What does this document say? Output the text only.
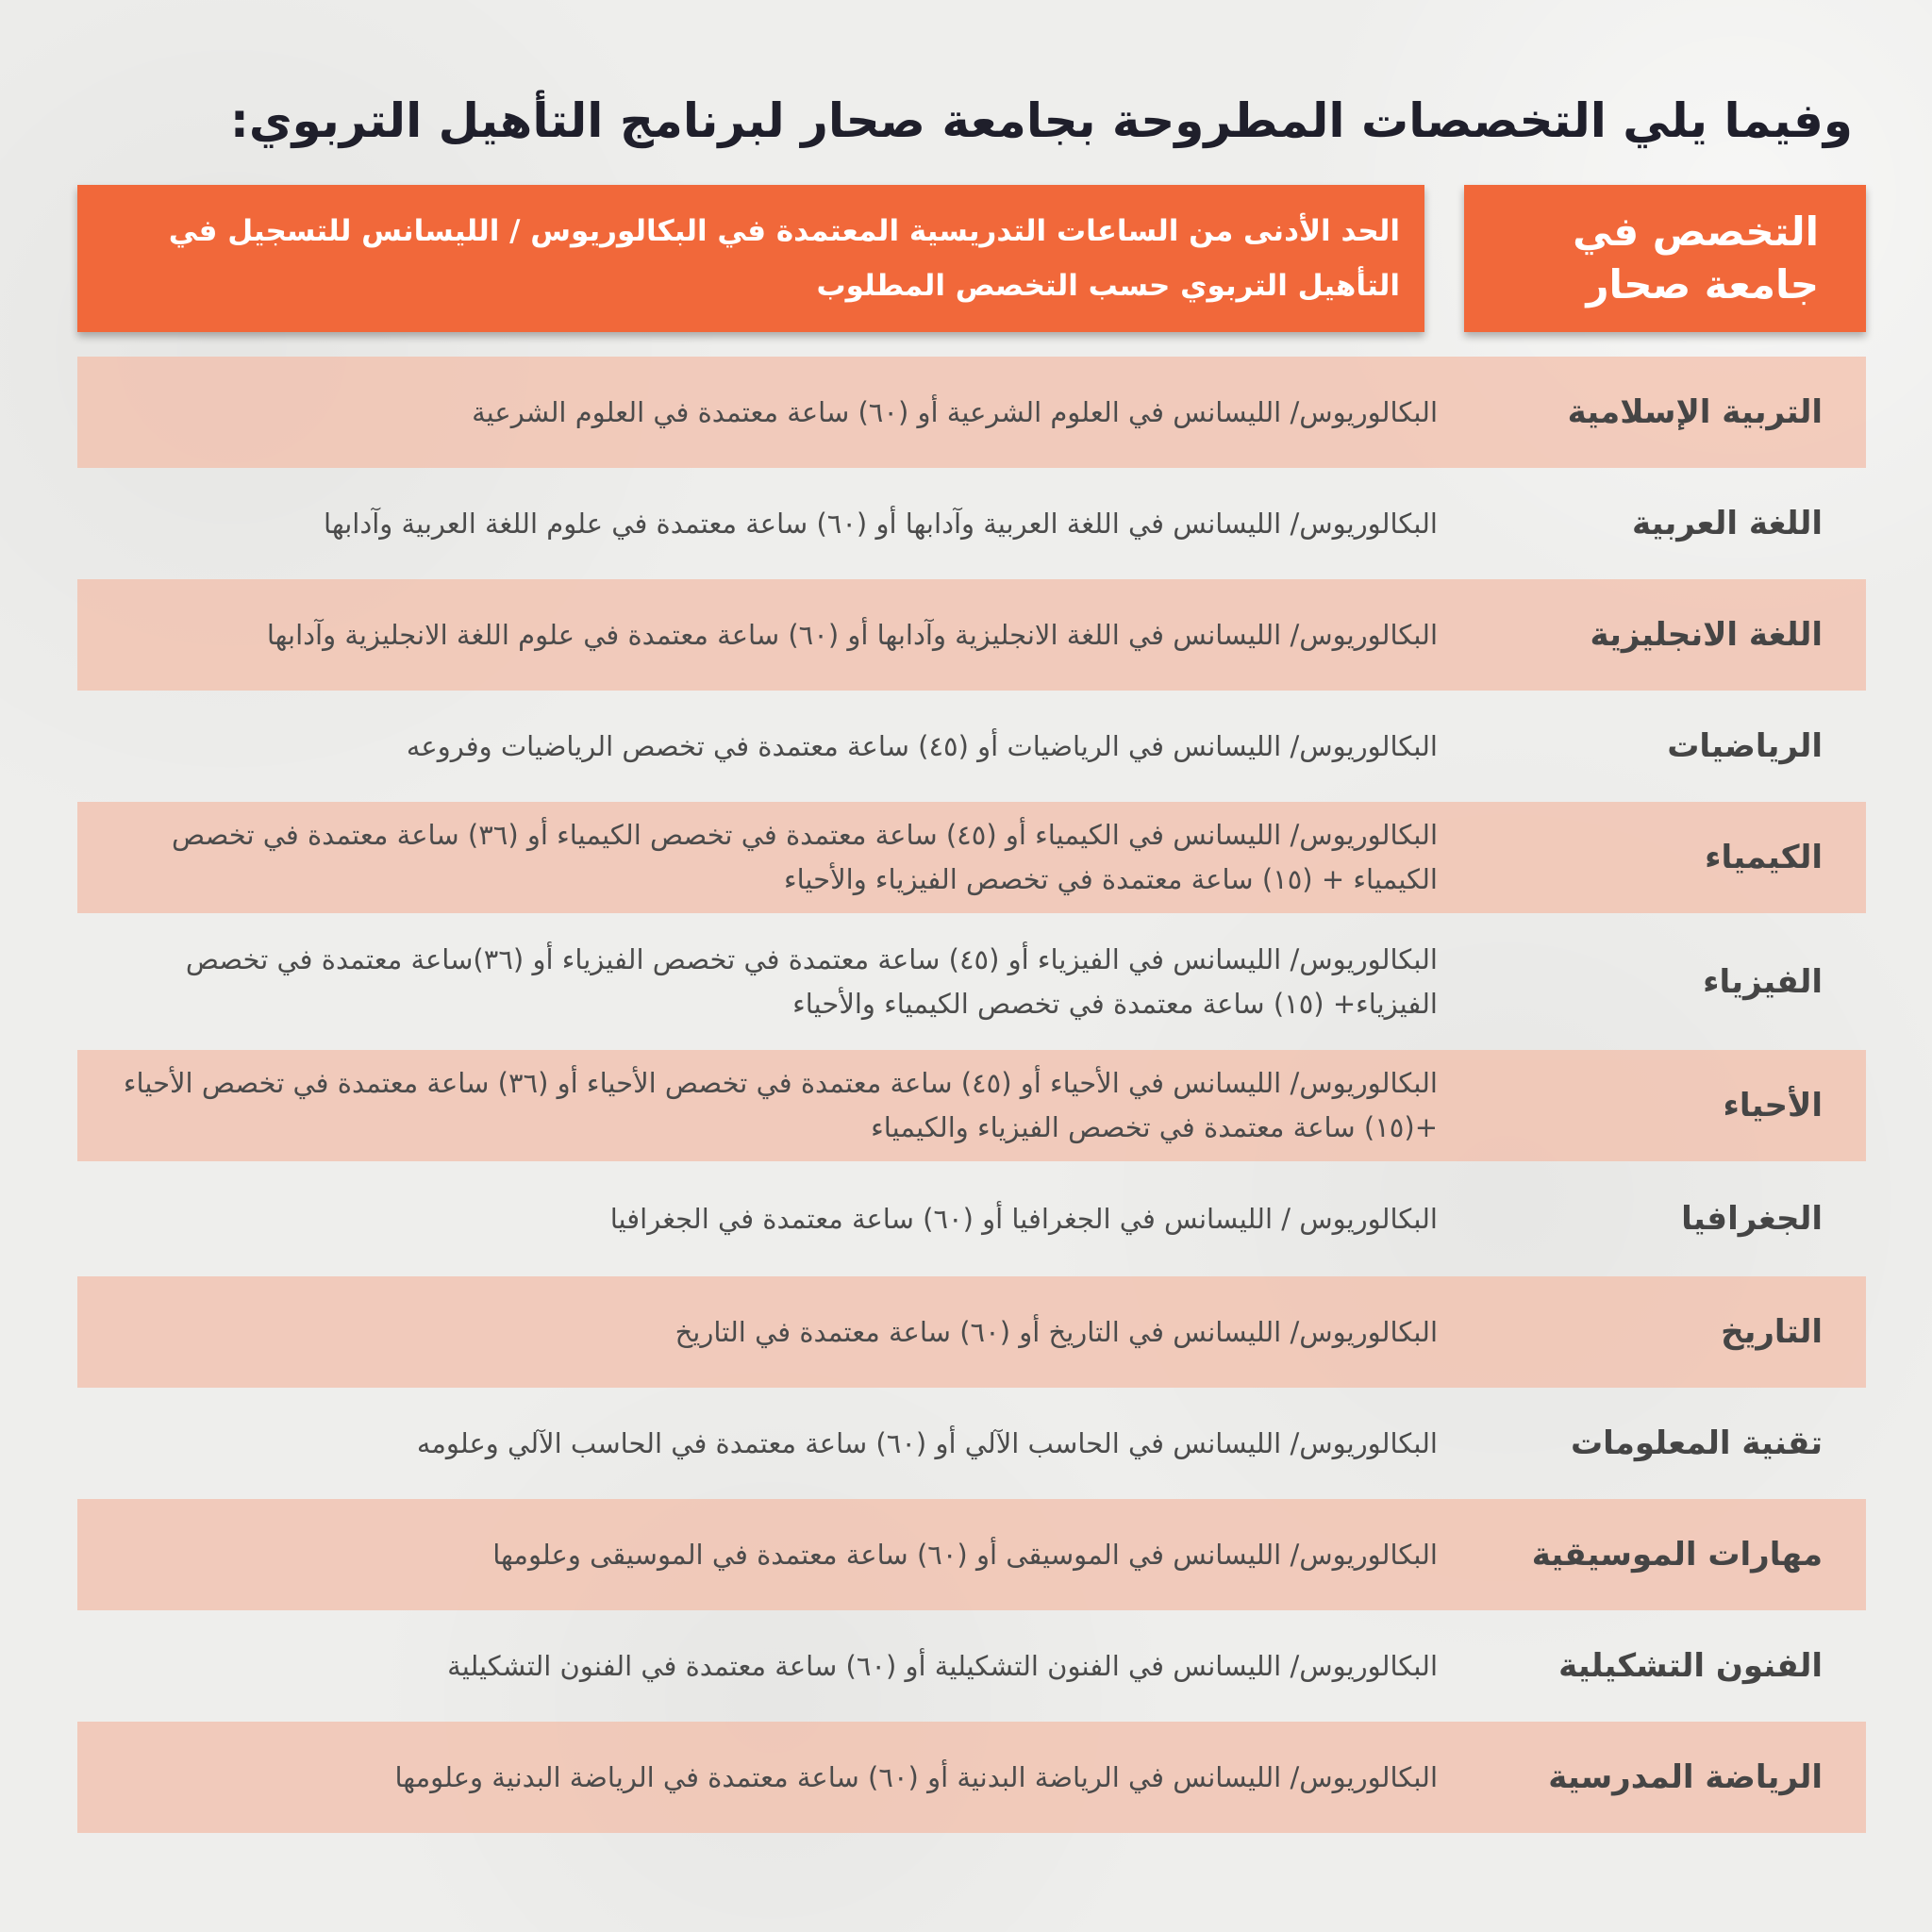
وفيما يلي التخصصات المطروحة بجامعة صحار لبرنامج التأهيل التربوي:
التخصص في جامعة صحار
الحد الأدنى من الساعات التدريسية المعتمدة في البكالوريوس / الليسانس للتسجيل في التأهيل التربوي حسب التخصص المطلوب
التربية الإسلامية
البكالوريوس/ الليسانس في العلوم الشرعية أو (٦٠) ساعة معتمدة في العلوم الشرعية
اللغة العربية
البكالوريوس/ الليسانس في اللغة العربية وآدابها أو (٦٠) ساعة معتمدة في علوم اللغة العربية وآدابها
اللغة الانجليزية
البكالوريوس/ الليسانس في اللغة الانجليزية وآدابها أو (٦٠) ساعة معتمدة في علوم اللغة الانجليزية وآدابها
الرياضيات
البكالوريوس/ الليسانس في الرياضيات أو (٤٥) ساعة معتمدة في تخصص الرياضيات وفروعه
الكيمياء
البكالوريوس/ الليسانس في الكيمياء أو (٤٥) ساعة معتمدة في تخصص الكيمياء أو (٣٦) ساعة معتمدة في تخصص الكيمياء + (١٥) ساعة معتمدة في تخصص الفيزياء والأحياء
الفيزياء
البكالوريوس/ الليسانس في الفيزياء أو (٤٥) ساعة معتمدة في تخصص الفيزياء أو (٣٦)ساعة معتمدة في تخصص الفيزياء+ (١٥) ساعة معتمدة في تخصص الكيمياء والأحياء
الأحياء
البكالوريوس/ الليسانس في الأحياء أو (٤٥) ساعة معتمدة في تخصص الأحياء أو (٣٦) ساعة معتمدة في تخصص الأحياء +(١٥) ساعة معتمدة في تخصص الفيزياء والكيمياء
الجغرافيا
البكالوريوس / الليسانس في الجغرافيا أو (٦٠) ساعة معتمدة في الجغرافيا
التاريخ
البكالوريوس/ الليسانس في التاريخ أو (٦٠) ساعة معتمدة في التاريخ
تقنية المعلومات
البكالوريوس/ الليسانس في الحاسب الآلي أو (٦٠) ساعة معتمدة في الحاسب الآلي وعلومه
مهارات الموسيقية
البكالوريوس/ الليسانس في الموسيقى أو (٦٠) ساعة معتمدة في الموسيقى وعلومها
الفنون التشكيلية
البكالوريوس/ الليسانس في الفنون التشكيلية أو (٦٠) ساعة معتمدة في الفنون التشكيلية
الرياضة المدرسية
البكالوريوس/ الليسانس في الرياضة البدنية أو (٦٠) ساعة معتمدة في الرياضة البدنية وعلومها
